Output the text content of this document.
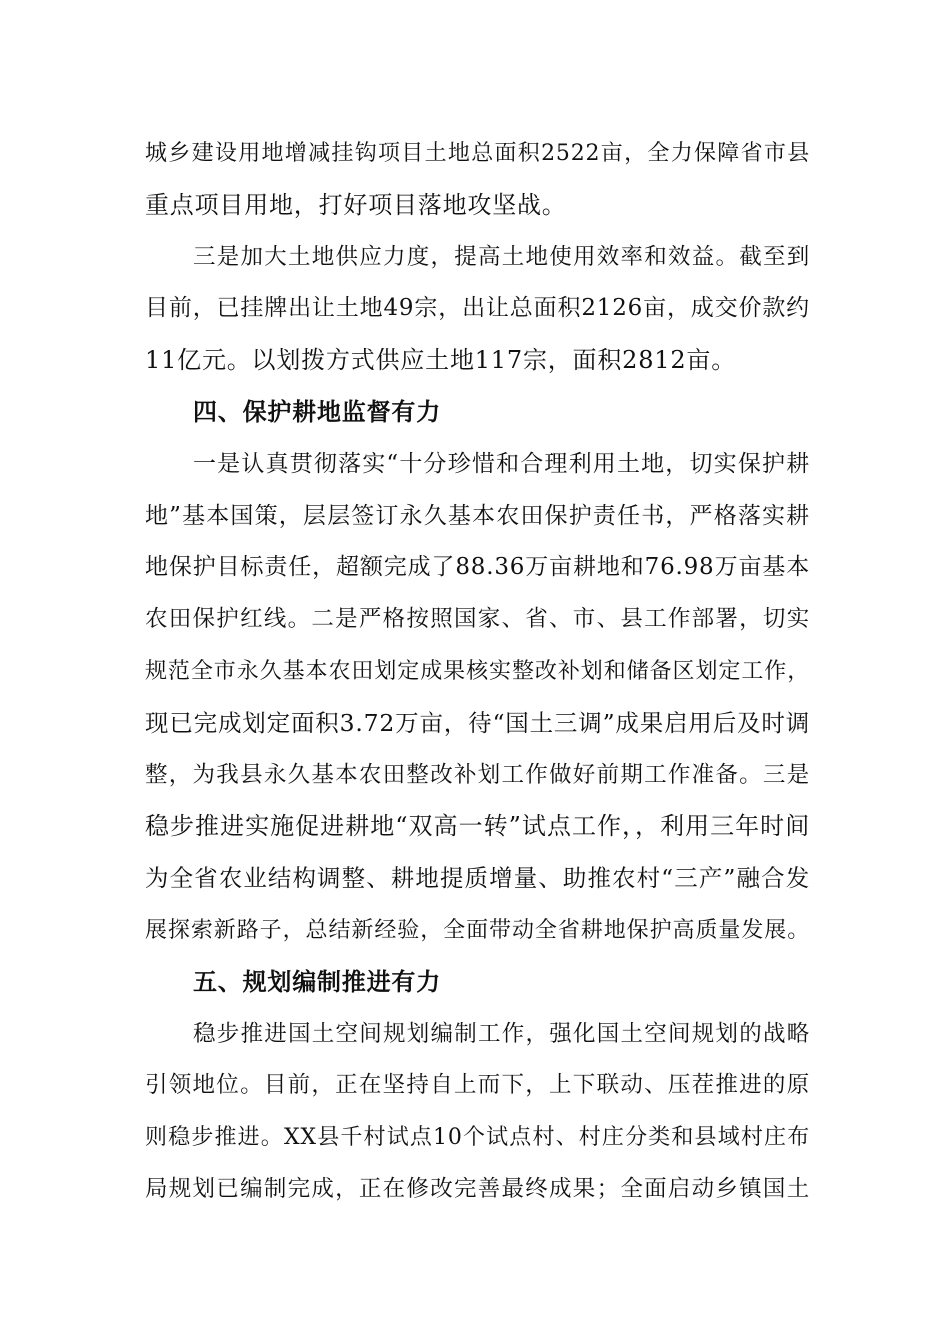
城乡建设用地增减挂钩项目土地总面积2522亩，全力保障省市县
重点项目用地，打好项目落地攻坚战。
三是加大土地供应力度，提高土地使用效率和效益。截至到
目前，已挂牌出让土地49宗，出让总面积2126亩，成交价款约
11亿元。以划拨方式供应土地117宗，面积2812亩。
四、保护耕地监督有力
一是认真贯彻落实“十分珍惜和合理利用土地，切实保护耕
地”基本国策，层层签订永久基本农田保护责任书，严格落实耕
地保护目标责任，超额完成了88.36万亩耕地和76.98万亩基本
农田保护红线。二是严格按照国家、省、市、县工作部署，切实
规范全市永久基本农田划定成果核实整改补划和储备区划定工作，
现已完成划定面积3.72万亩，待“国土三调”成果启用后及时调
整，为我县永久基本农田整改补划工作做好前期工作准备。三是
稳步推进实施促进耕地“双高一转”试点工作，，利用三年时间
为全省农业结构调整、耕地提质增量、助推农村“三产”融合发
展探索新路子，总结新经验，全面带动全省耕地保护高质量发展。
五、规划编制推进有力
稳步推进国土空间规划编制工作，强化国土空间规划的战略
引领地位。目前，正在坚持自上而下，上下联动、压茬推进的原
则稳步推进。XX县千村试点10个试点村、村庄分类和县域村庄布
局规划已编制完成，正在修改完善最终成果；全面启动乡镇国土
